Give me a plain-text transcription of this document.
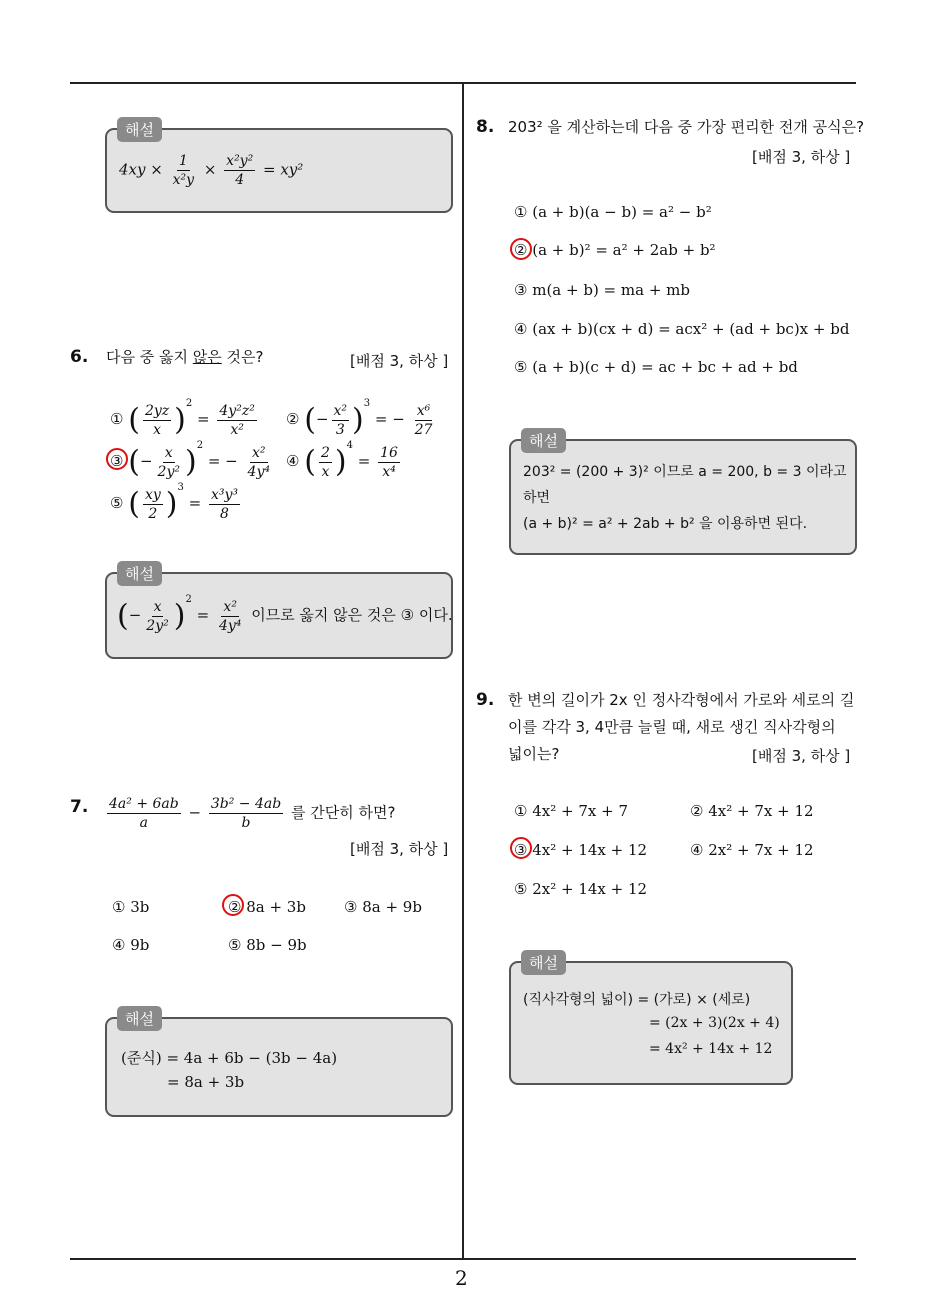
2
해설
$4xy \times \frac{1}{\text{x²y}} \times \frac{\text{x²y²}}{4} = xy^2$
6. 다음 중 옳지 않은 것은?	[배점 3, 하상 ]
① ( $\frac{2yz}{x} )^2 = \frac{\text{4y²z²}}{\text{x²}}$ ② (− $\frac{\text{x²}}{3} )^3$ = − $\frac{\text{x⁶}}{27}$
③ (− $\frac{x}{\text{2y²}} )^2$ = − $\frac{\text{x²}}{\text{4y⁴}}$ ④ ( $\frac{2}{x} )^4 = \frac{16}{\text{x⁴}}$
⑤ ( $\frac{xy}{2} )^3 = \frac{\text{x³y³}}{8}$
해설
(− $\frac{x}{\text{2y²}} )^2 = \frac{\text{x²}}{\text{4y⁴}}$ 이므로 옳지 않은 것은 ③ 이다.
7. $\frac{\text{4a² + 6ab}}{a} - \frac{\text{3b² − 4ab}}{b}$ 를 간단히 하면?
[배점 3, 하상 ]
① 3b	② 8a + 3b	③ 8a + 9b
④ 9b	⑤ 8b − 9b
해설
(준식) = 4a + 6b − (3b − 4a)
= 8a + 3b
8. 203² 을 계산하는데 다음 중 가장 편리한 전개 공식은?
[배점 3, 하상 ]
① (a + b)(a − b) = a² − b²
② (a + b)² = a² + 2ab + b²
③ m(a + b) = ma + mb
④ (ax + b)(cx + d) = acx² + (ad + bc)x + bd
⑤ (a + b)(c + d) = ac + bc + ad + bd
해설
203² = (200 + 3)² 이므로 a = 200, b = 3 이라고
하면
(a + b)² = a² + 2ab + b² 을 이용하면 된다.
9. 한 변의 길이가 2x 인 정사각형에서 가로와 세로의 길
이를 각각 3, 4만큼 늘릴 때, 새로 생긴 직사각형의
넓이는?	[배점 3, 하상 ]
① 4x² + 7x + 7	② 4x² + 7x + 12
③ 4x² + 14x + 12	④ 2x² + 7x + 12
⑤ 2x² + 14x + 12
해설
(직사각형의 넓이) = (가로) × (세로)
= (2x + 3)(2x + 4)
= 4x² + 14x + 12
